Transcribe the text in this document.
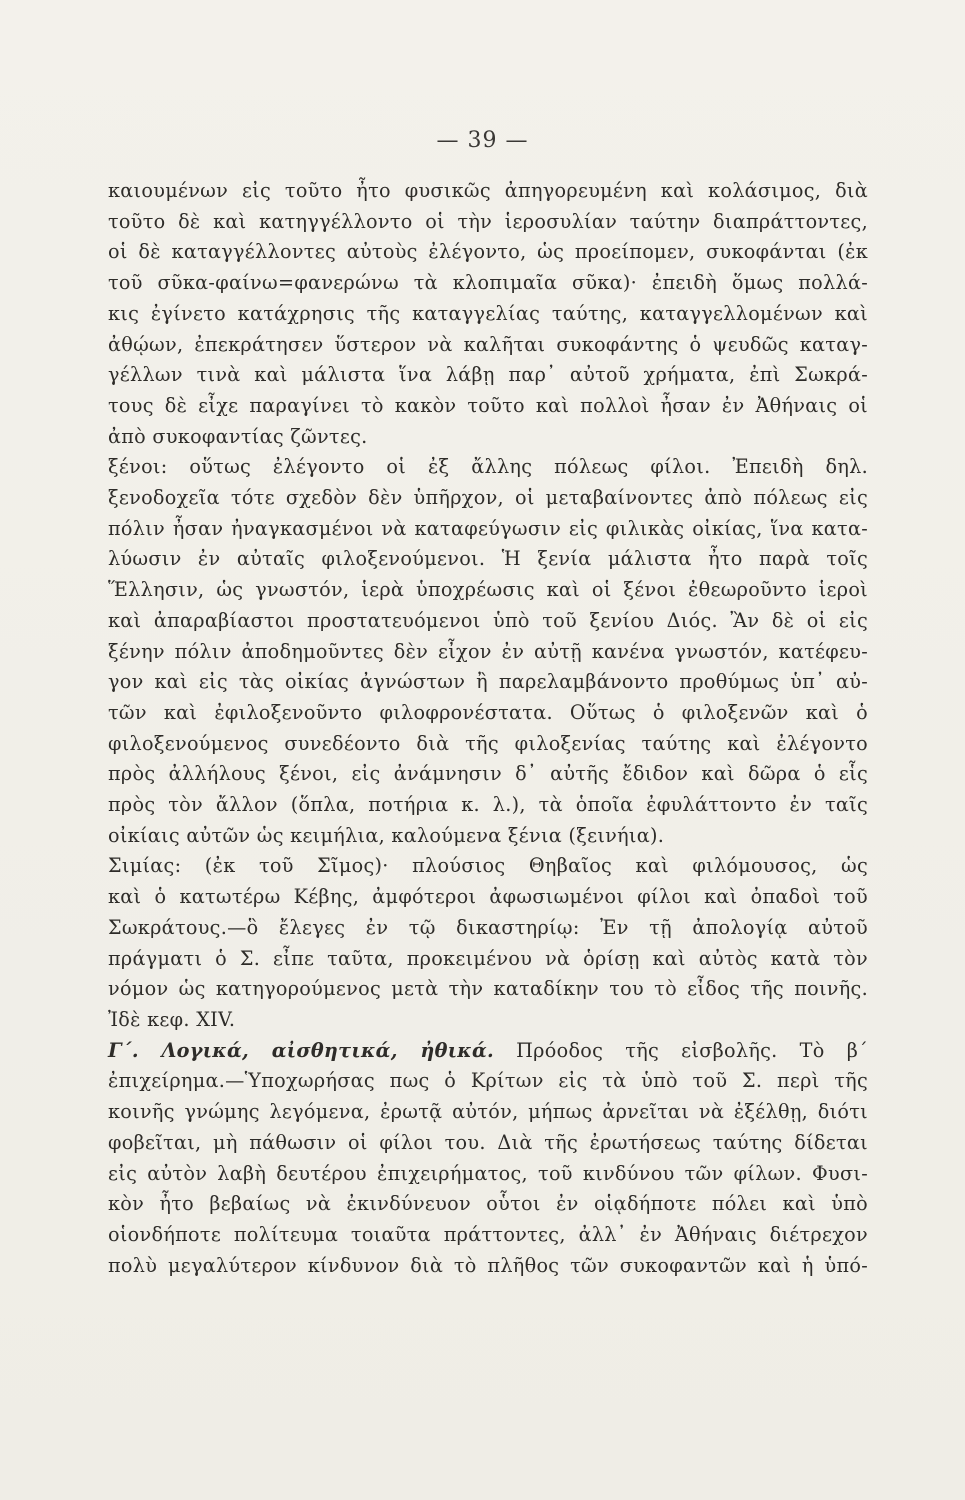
— 39 —
καιουμένων εἰς τοῦτο ἦτο φυσικῶς ἀπηγορευμένη καὶ κολάσιμος, διὰ
τοῦτο δὲ καὶ κατηγγέλλοντο οἱ τὴν ἱεροσυλίαν ταύτην διαπράττοντες,
οἱ δὲ καταγγέλλοντες αὐτοὺς ἐλέγοντο, ὡς προείπομεν, συκοφάνται (ἐκ
τοῦ σῦκα-φαίνω=φανερώνω τὰ κλοπιμαῖα σῦκα)· ἐπειδὴ ὅμως πολλά-
κις ἐγίνετο κατάχρησις τῆς καταγγελίας ταύτης, καταγγελλομένων καὶ
ἀθῴων, ἐπεκράτησεν ὕστερον νὰ καλῆται συκοφάντης ὁ ψευδῶς καταγ-
γέλλων τινὰ καὶ μάλιστα ἵνα λάβῃ παρ᾽ αὐτοῦ χρήματα, ἐπὶ Σωκρά-
τους δὲ εἶχε παραγίνει τὸ κακὸν τοῦτο καὶ πολλοὶ ἦσαν ἐν Ἀθήναις οἱ
ἀπὸ συκοφαντίας ζῶντες.
ξένοι: οὕτως ἐλέγοντο οἱ ἐξ ἄλλης πόλεως φίλοι. Ἐπειδὴ δηλ.
ξενοδοχεῖα τότε σχεδὸν δὲν ὑπῆρχον, οἱ μεταβαίνοντες ἀπὸ πόλεως εἰς
πόλιν ἦσαν ἠναγκασμένοι νὰ καταφεύγωσιν εἰς φιλικὰς οἰκίας, ἵνα κατα-
λύωσιν ἐν αὐταῖς φιλοξενούμενοι. Ἡ ξενία μάλιστα ἦτο παρὰ τοῖς
Ἕλλησιν, ὡς γνωστόν, ἱερὰ ὑποχρέωσις καὶ οἱ ξένοι ἐθεωροῦντο ἱεροὶ
καὶ ἀπαραβίαστοι προστατευόμενοι ὑπὸ τοῦ ξενίου Διός. Ἂν δὲ οἱ εἰς
ξένην πόλιν ἀποδημοῦντες δὲν εἶχον ἐν αὐτῇ κανένα γνωστόν, κατέφευ-
γον καὶ εἰς τὰς οἰκίας ἀγνώστων ἢ παρελαμβάνοντο προθύμως ὑπ᾽ αὐ-
τῶν καὶ ἐφιλοξενοῦντο φιλοφρονέστατα. Οὕτως ὁ φιλοξενῶν καὶ ὁ
φιλοξενούμενος συνεδέοντο διὰ τῆς φιλοξενίας ταύτης καὶ ἐλέγοντο
πρὸς ἀλλήλους ξένοι, εἰς ἀνάμνησιν δ᾽ αὐτῆς ἔδιδον καὶ δῶρα ὁ εἷς
πρὸς τὸν ἄλλον (ὅπλα, ποτήρια κ. λ.), τὰ ὁποῖα ἐφυλάττοντο ἐν ταῖς
οἰκίαις αὐτῶν ὡς κειμήλια, καλούμενα ξένια (ξεινήια).
Σιμίας: (ἐκ τοῦ Σῖμος)· πλούσιος Θηβαῖος καὶ φιλόμουσος, ὡς
καὶ ὁ κατωτέρω Κέβης, ἀμφότεροι ἀφωσιωμένοι φίλοι καὶ ὀπαδοὶ τοῦ
Σωκράτους.—ὃ ἔλεγες ἐν τῷ δικαστηρίῳ: Ἐν τῇ ἀπολογίᾳ αὐτοῦ
πράγματι ὁ Σ. εἶπε ταῦτα, προκειμένου νὰ ὁρίσῃ καὶ αὐτὸς κατὰ τὸν
νόμον ὡς κατηγορούμενος μετὰ τὴν καταδίκην του τὸ εἶδος τῆς ποινῆς.
Ἰδὲ κεφ. XIV.
Γ΄. Λογικά, αἰσθητικά, ἠθικά. Πρόοδος τῆς εἰσβολῆς. Τὸ β΄
ἐπιχείρημα.—Ὑποχωρήσας πως ὁ Κρίτων εἰς τὰ ὑπὸ τοῦ Σ. περὶ τῆς
κοινῆς γνώμης λεγόμενα, ἐρωτᾷ αὐτόν, μήπως ἀρνεῖται νὰ ἐξέλθῃ, διότι
φοβεῖται, μὴ πάθωσιν οἱ φίλοι του. Διὰ τῆς ἐρωτήσεως ταύτης δίδεται
εἰς αὐτὸν λαβὴ δευτέρου ἐπιχειρήματος, τοῦ κινδύνου τῶν φίλων. Φυσι-
κὸν ἦτο βεβαίως νὰ ἐκινδύνευον οὗτοι ἐν οἱᾳδήποτε πόλει καὶ ὑπὸ
οἱονδήποτε πολίτευμα τοιαῦτα πράττοντες, ἀλλ᾽ ἐν Ἀθήναις διέτρεχον
πολὺ μεγαλύτερον κίνδυνον διὰ τὸ πλῆθος τῶν συκοφαντῶν καὶ ἡ ὑπό-
